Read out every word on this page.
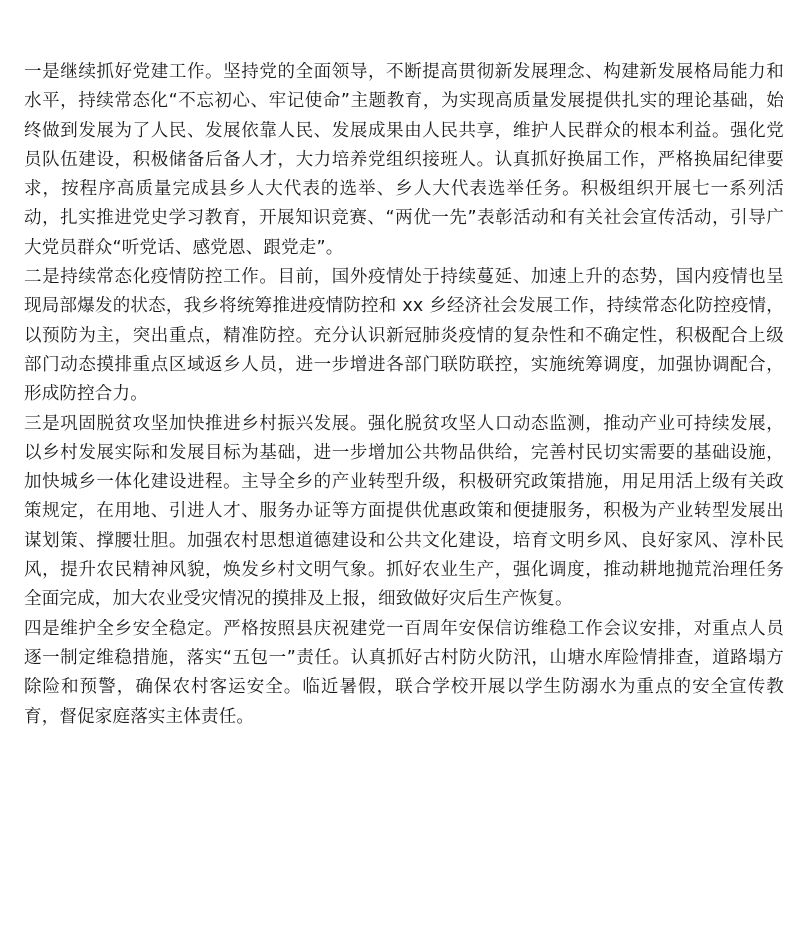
一是继续抓好党建工作。坚持党的全面领导，不断提高贯彻新发展理念、构建新发展格局能力和水平，持续常态化“不忘初心、牢记使命”主题教育，为实现高质量发展提供扎实的理论基础，始终做到发展为了人民、发展依靠人民、发展成果由人民共享，维护人民群众的根本利益。强化党员队伍建设，积极储备后备人才，大力培养党组织接班人。认真抓好换届工作，严格换届纪律要求，按程序高质量完成县乡人大代表的选举、乡人大代表选举任务。积极组织开展七一系列活动，扎实推进党史学习教育，开展知识竞赛、“两优一先”表彰活动和有关社会宣传活动，引导广大党员群众“听党话、感党恩、跟党走”。

二是持续常态化疫情防控工作。目前，国外疫情处于持续蔓延、加速上升的态势，国内疫情也呈现局部爆发的状态，我乡将统筹推进疫情防控和 xx 乡经济社会发展工作，持续常态化防控疫情，以预防为主，突出重点，精准防控。充分认识新冠肺炎疫情的复杂性和不确定性，积极配合上级部门动态摸排重点区域返乡人员，进一步增进各部门联防联控，实施统筹调度，加强协调配合，形成防控合力。

三是巩固脱贫攻坚加快推进乡村振兴发展。强化脱贫攻坚人口动态监测，推动产业可持续发展，以乡村发展实际和发展目标为基础，进一步增加公共物品供给，完善村民切实需要的基础设施，加快城乡一体化建设进程。主导全乡的产业转型升级，积极研究政策措施，用足用活上级有关政策规定，在用地、引进人才、服务办证等方面提供优惠政策和便捷服务，积极为产业转型发展出谋划策、撑腰壮胆。加强农村思想道德建设和公共文化建设，培育文明乡风、良好家风、淳朴民风，提升农民精神风貌，焕发乡村文明气象。抓好农业生产，强化调度，推动耕地抛荒治理任务全面完成，加大农业受灾情况的摸排及上报，细致做好灾后生产恢复。

四是维护全乡安全稳定。严格按照县庆祝建党一百周年安保信访维稳工作会议安排，对重点人员逐一制定维稳措施，落实“五包一”责任。认真抓好古村防火防汛，山塘水库险情排查，道路塌方除险和预警，确保农村客运安全。临近暑假，联合学校开展以学生防溺水为重点的安全宣传教育，督促家庭落实主体责任。
